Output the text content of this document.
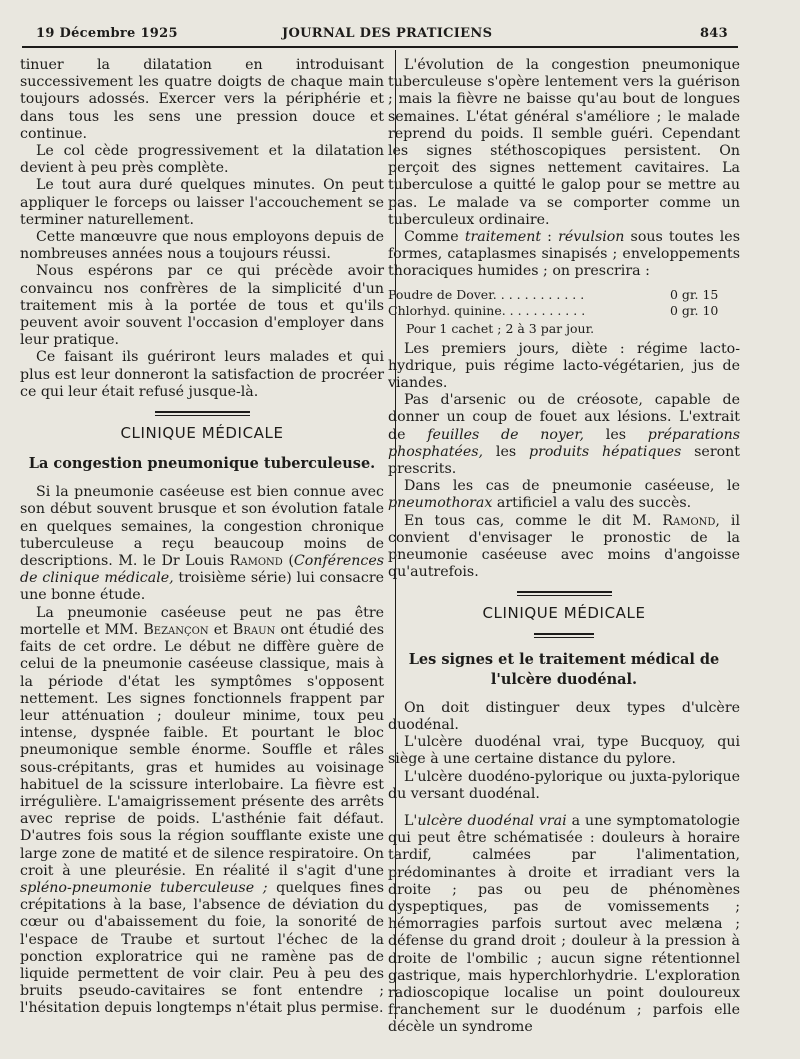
19 Décembre 1925	JOURNAL DES PRATICIENS	843

tinuer la dilatation en introduisant successivement les quatre doigts de chaque main toujours adossés. Exercer vers la périphérie et dans tous les sens une pression douce et continue.

Le col cède progressivement et la dilatation devient à peu près complète.

Le tout aura duré quelques minutes. On peut appliquer le forceps ou laisser l'accouchement se terminer naturellement.

Cette manœuvre que nous employons depuis de nombreuses années nous a toujours réussi.

Nous espérons par ce qui précède avoir convaincu nos confrères de la simplicité d'un traitement mis à la portée de tous et qu'ils peuvent avoir souvent l'occasion d'employer dans leur pratique.

Ce faisant ils guériront leurs malades et qui plus est leur donneront la satisfaction de procréer ce qui leur était refusé jusque-là.

CLINIQUE MÉDICALE
La congestion pneumonique tuberculeuse.

Si la pneumonie caséeuse est bien connue avec son début souvent brusque et son évolution fatale en quelques semaines, la congestion chronique tuberculeuse a reçu beaucoup moins de descriptions. M. le Dr Louis Ramond (Conférences de clinique médicale, troisième série) lui consacre une bonne étude.

La pneumonie caséeuse peut ne pas être mortelle et MM. Bezançon et Braun ont étudié des faits de cet ordre. Le début ne diffère guère de celui de la pneumonie caséeuse classique, mais à la période d'état les symptômes s'opposent nettement. Les signes fonctionnels frappent par leur atténuation ; douleur minime, toux peu intense, dyspnée faible. Et pourtant le bloc pneumonique semble énorme. Souffle et râles sous-crépitants, gras et humides au voisinage habituel de la scissure interlobaire. La fièvre est irrégulière. L'amaigrissement présente des arrêts avec reprise de poids. L'asthénie fait défaut. D'autres fois sous la région soufflante existe une large zone de matité et de silence respiratoire. On croit à une pleurésie. En réalité il s'agit d'une spléno-pneumonie tuberculeuse ; quelques fines crépitations à la base, l'absence de déviation du cœur ou d'abaissement du foie, la sonorité de l'espace de Traube et surtout l'échec de la ponction exploratrice qui ne ramène pas de liquide permettent de voir clair. Peu à peu des bruits pseudo-cavitaires se font entendre ; l'hésitation depuis longtemps n'était plus permise.

L'évolution de la congestion pneumonique tuberculeuse s'opère lentement vers la guérison ; mais la fièvre ne baisse qu'au bout de longues semaines. L'état général s'améliore ; le malade reprend du poids. Il semble guéri. Cependant les signes stéthoscopiques persistent. On perçoit des signes nettement cavitaires. La tuberculose a quitté le galop pour se mettre au pas. Le malade va se comporter comme un tuberculeux ordinaire.

Comme traitement : révulsion sous toutes les formes, cataplasmes sinapisés ; enveloppements thoraciques humides ; on prescrira :

Poudre de Dover. . . . . . . . . . . .	0 gr. 15
Chlorhyd. quinine. . . . . . . . . . .	0 gr. 10
Pour 1 cachet ; 2 à 3 par jour.

Les premiers jours, diète : régime lacto-hydrique, puis régime lacto-végétarien, jus de viandes.

Pas d'arsenic ou de créosote, capable de donner un coup de fouet aux lésions. L'extrait de feuilles de noyer, les préparations phosphatées, les produits hépatiques seront prescrits.

Dans les cas de pneumonie caséeuse, le pneumothorax artificiel a valu des succès.

En tous cas, comme le dit M. Ramond, il convient d'envisager le pronostic de la pneumonie caséeuse avec moins d'angoisse qu'autrefois.

CLINIQUE MÉDICALE
Les signes et le traitement médical de l'ulcère duodénal.

On doit distinguer deux types d'ulcère duodénal.

L'ulcère duodénal vrai, type Bucquoy, qui siège à une certaine distance du pylore.

L'ulcère duodéno-pylorique ou juxta-pylorique du versant duodénal.

L'ulcère duodénal vrai a une symptomatologie qui peut être schématisée : douleurs à horaire tardif, calmées par l'alimentation, prédominantes à droite et irradiant vers la droite ; pas ou peu de phénomènes dyspeptiques, pas de vomissements ; hémorragies parfois surtout avec melæna ; défense du grand droit ; douleur à la pression à droite de l'ombilic ; aucun signe rétentionnel gastrique, mais hyperchlorhydrie. L'exploration radioscopique localise un point douloureux franchement sur le duodénum ; parfois elle décèle un syndrome
